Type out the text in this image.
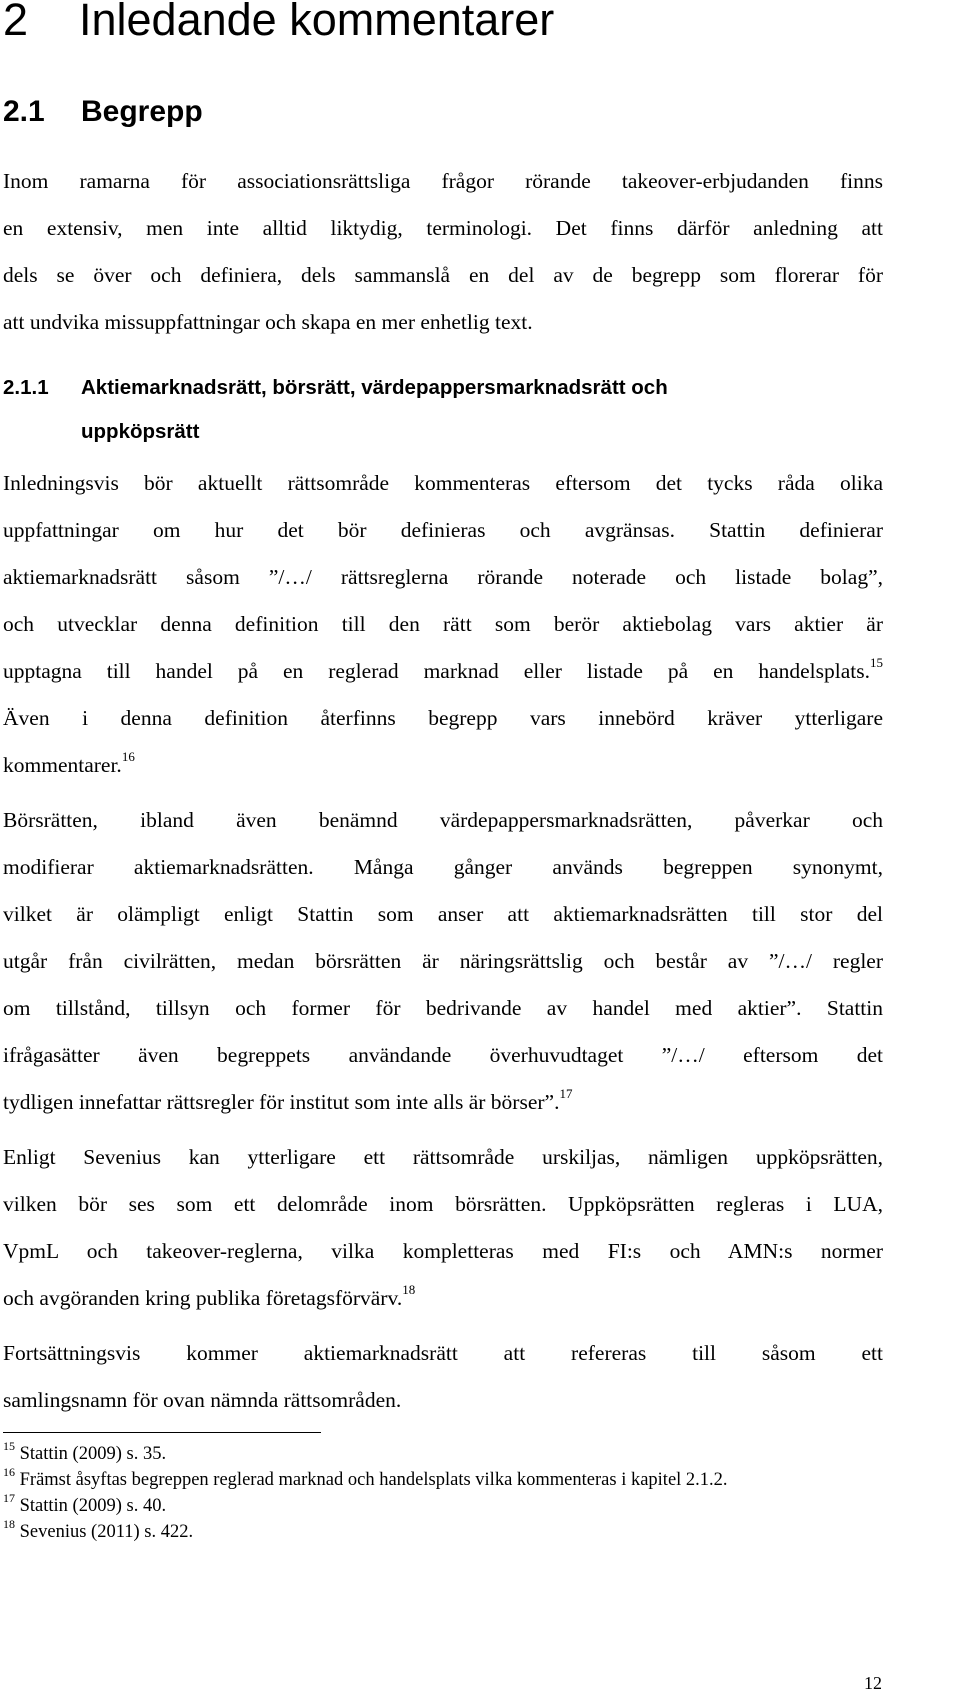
2 Inledande kommentarer
2.1 Begrepp
Inom ramarna för associationsrättsliga frågor rörande takeover-erbjudanden finns
en extensiv, men inte alltid liktydig, terminologi. Det finns därför anledning att
dels se över och definiera, dels sammanslå en del av de begrepp som florerar för
att undvika missuppfattningar och skapa en mer enhetlig text.
2.1.1 Aktiemarknadsrätt, börsrätt, värdepappersmarknadsrätt och
uppköpsrätt
Inledningsvis bör aktuellt rättsområde kommenteras eftersom det tycks råda olika
uppfattningar om hur det bör definieras och avgränsas. Stattin definierar
aktiemarknadsrätt såsom ”/…/ rättsreglerna rörande noterade och listade bolag”,
och utvecklar denna definition till den rätt som berör aktiebolag vars aktier är
upptagna till handel på en reglerad marknad eller listade på en handelsplats.$^{15}$
Även i denna definition återfinns begrepp vars innebörd kräver ytterligare
kommentarer.$^{16}$
Börsrätten, ibland även benämnd värdepappersmarknadsrätten, påverkar och
modifierar aktiemarknadsrätten. Många gånger används begreppen synonymt,
vilket är olämpligt enligt Stattin som anser att aktiemarknadsrätten till stor del
utgår från civilrätten, medan börsrätten är näringsrättslig och består av ”/…/ regler
om tillstånd, tillsyn och former för bedrivande av handel med aktier”. Stattin
ifrågasätter även begreppets användande överhuvudtaget ”/…/ eftersom det
tydligen innefattar rättsregler för institut som inte alls är börser”.$^{17}$
Enligt Sevenius kan ytterligare ett rättsområde urskiljas, nämligen uppköpsrätten,
vilken bör ses som ett delområde inom börsrätten. Uppköpsrätten regleras i LUA,
VpmL och takeover-reglerna, vilka kompletteras med FI:s och AMN:s normer
och avgöranden kring publika företagsförvärv.$^{18}$
Fortsättningsvis kommer aktiemarknadsrätt att refereras till såsom ett
samlingsnamn för ovan nämnda rättsområden.
$^{15}$ Stattin (2009) s. 35.
$^{16}$ Främst åsyftas begreppen reglerad marknad och handelsplats vilka kommenteras i kapitel 2.1.2.
$^{17}$ Stattin (2009) s. 40.
$^{18}$ Sevenius (2011) s. 422.
12
